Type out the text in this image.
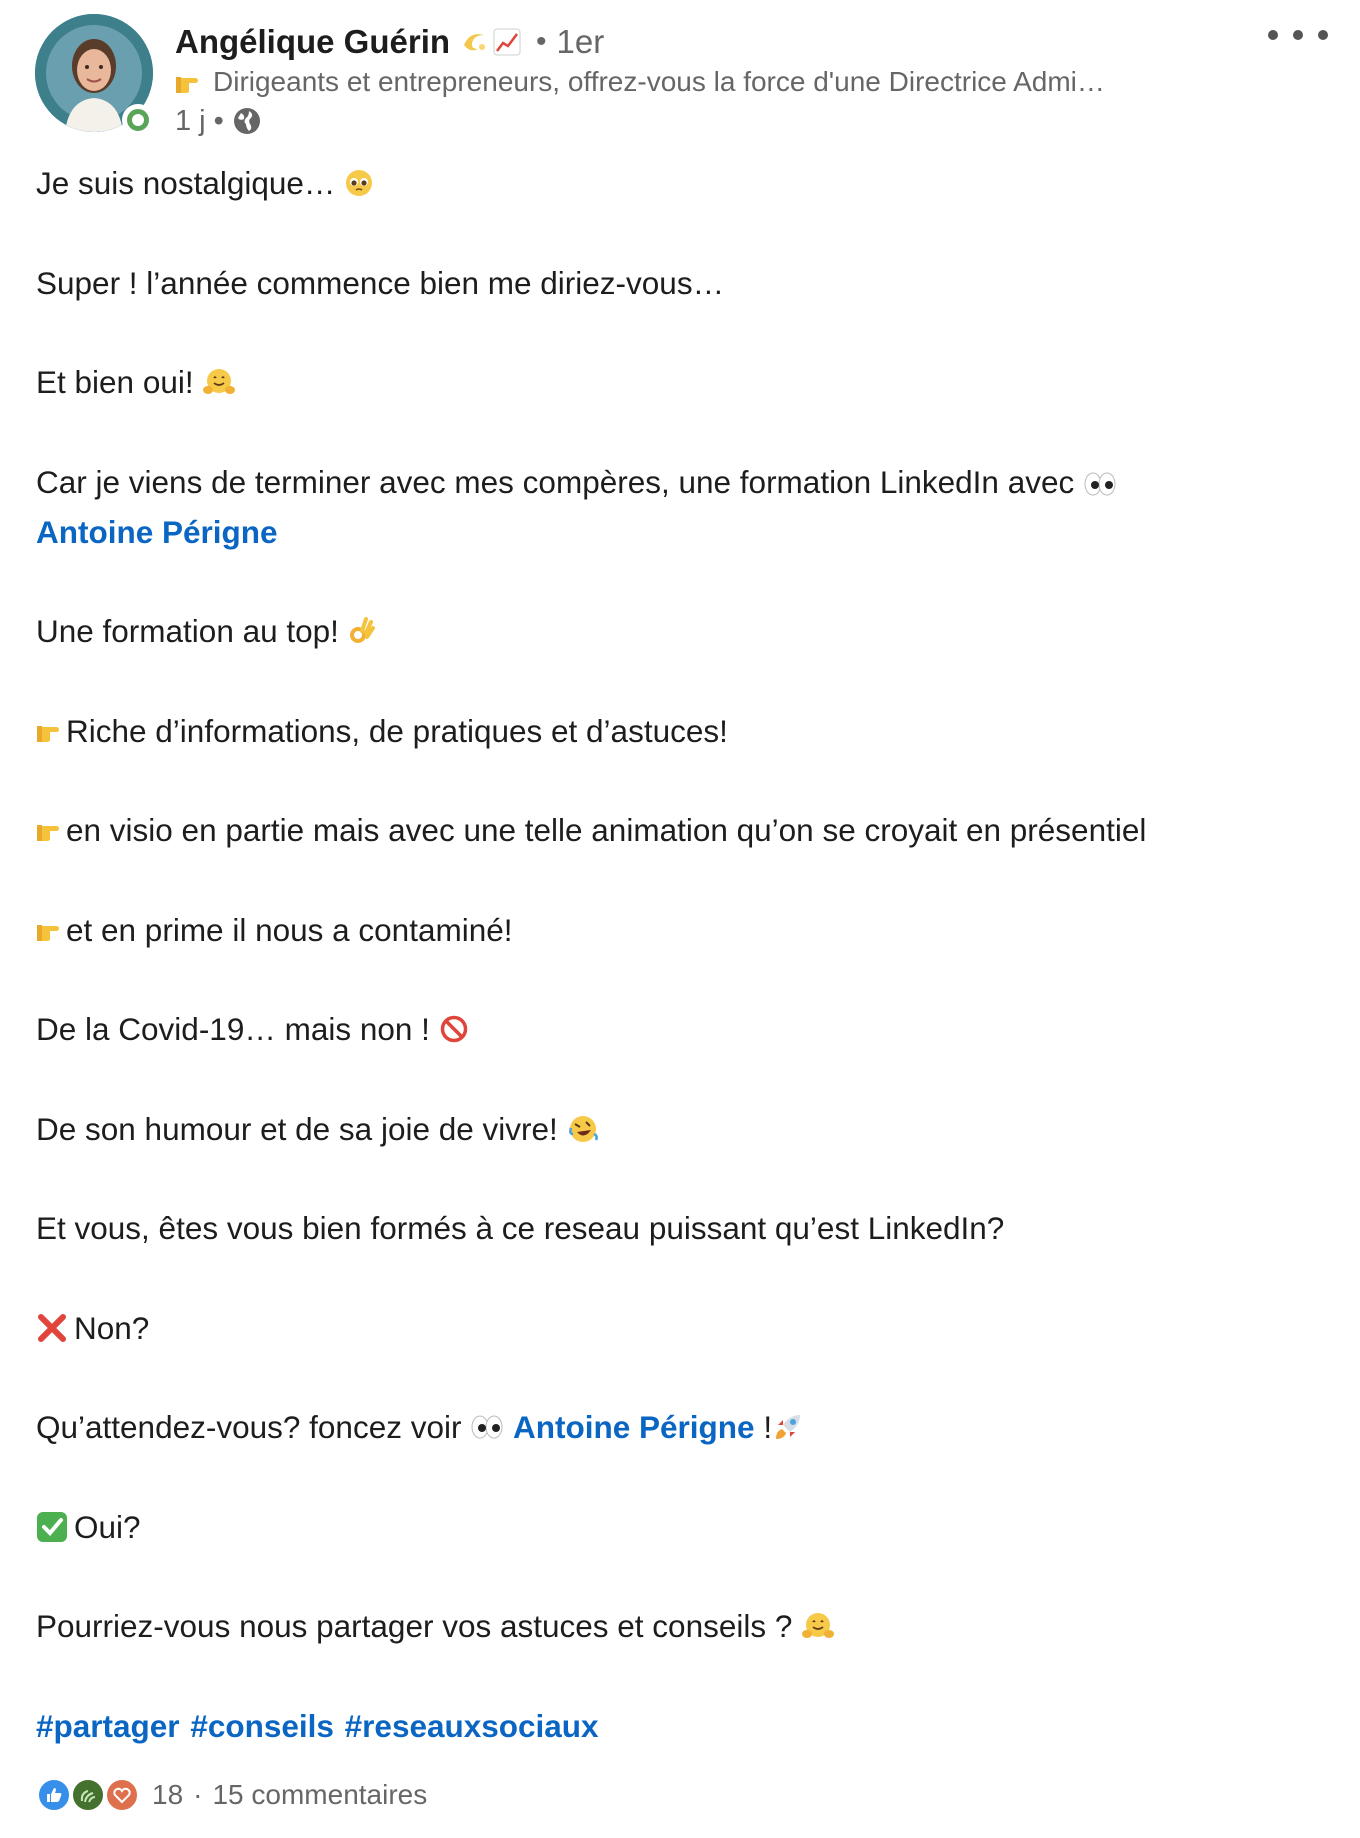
Angélique Guérin	• 1er
Dirigeants et entrepreneurs, offrez-vous la force d'une Directrice Admi…
1 j •
Je suis nostalgique…

Super ! l’année commence bien me diriez-vous…
Et bien oui!

Car je viens de terminer avec mes compères, une formation LinkedIn avec
Antoine Périgne
Une formation au top!

Riche d’informations, de pratiques et d’astuces!
en visio en partie mais avec une telle animation qu’on se croyait en présentiel
et en prime il nous a contaminé!
De la Covid-19… mais non !

De son humour et de sa joie de vivre!

Et vous, êtes vous bien formés à ce reseau puissant qu’est LinkedIn?
Non?
Qu’attendez-vous? foncez voir

Antoine Périgne
!
Oui?
Pourriez-vous nous partager vos astuces et conseils ?

#partager #conseils #reseauxsociaux
18 · 15 commentaires
